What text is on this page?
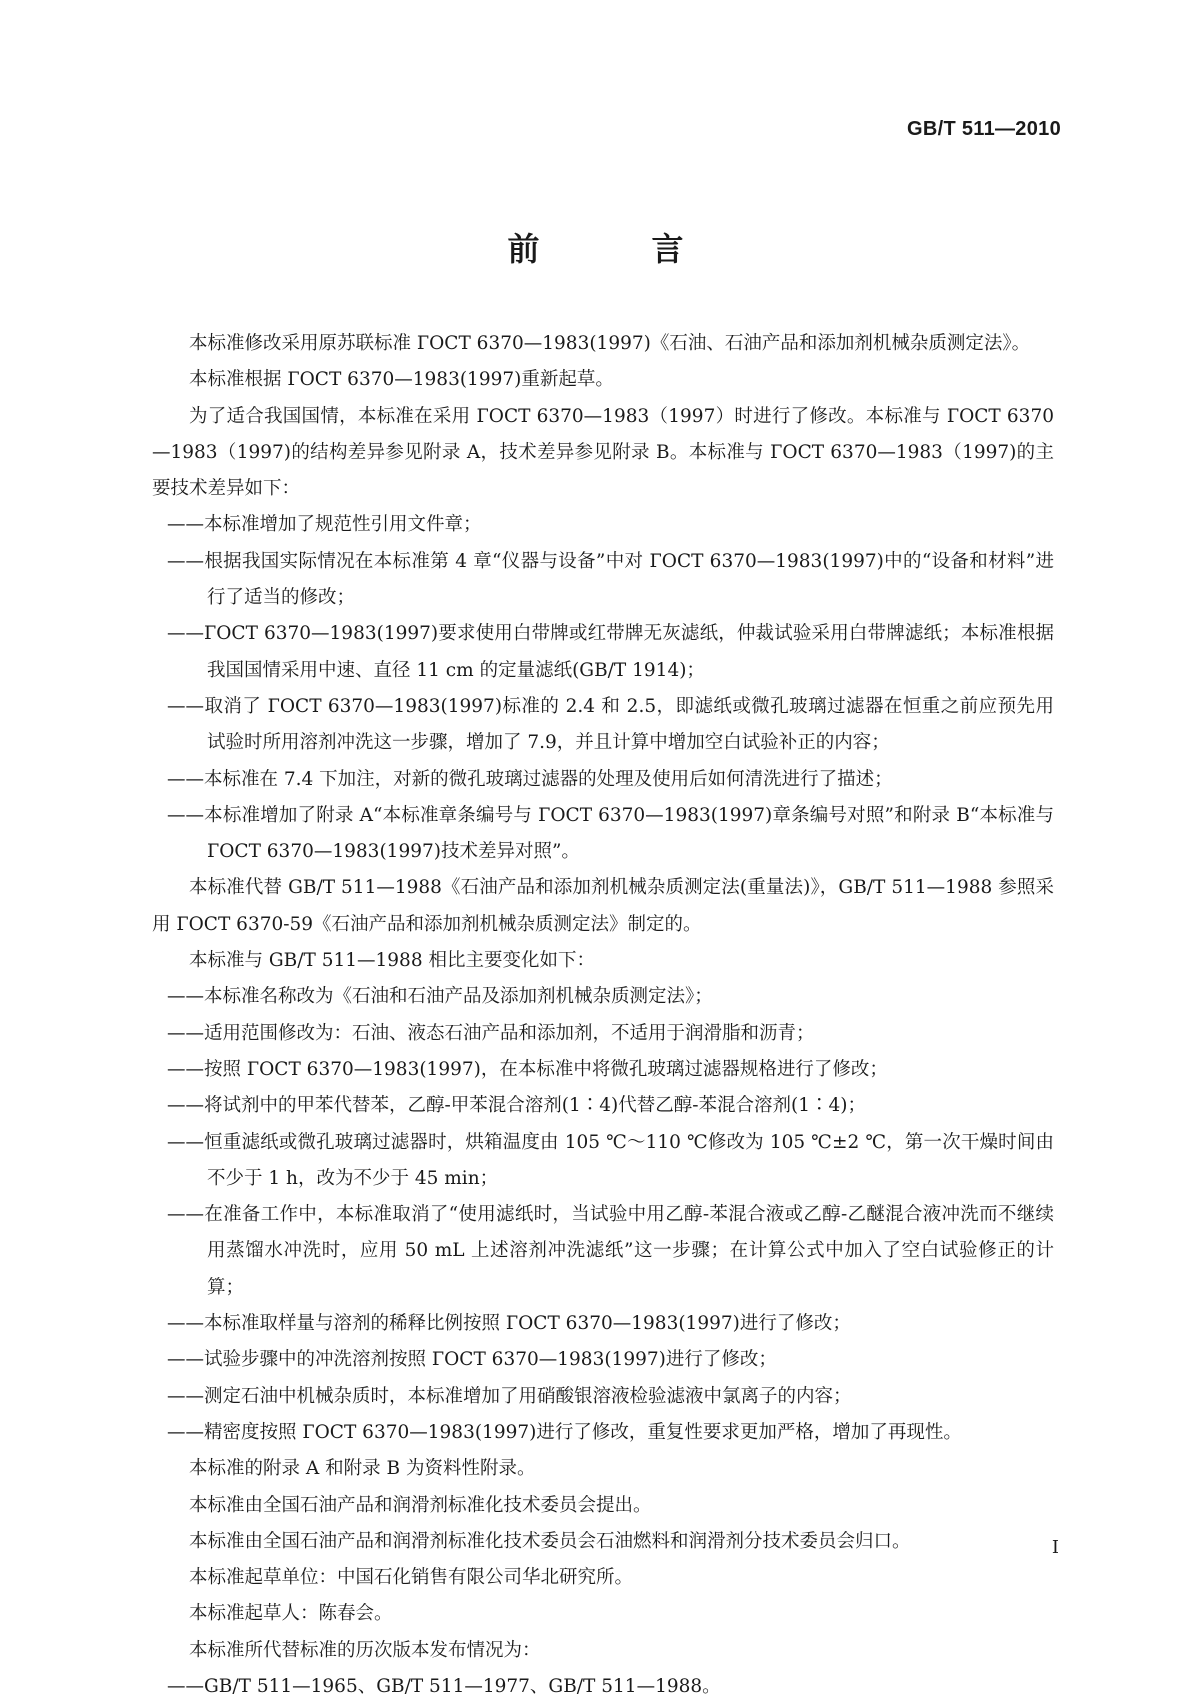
GB/T 511—2010
前　言

本标准修改采用原苏联标准 ГОСТ 6370—1983(1997)《石油、石油产品和添加剂机械杂质测定法》。

本标准根据 ГОСТ 6370—1983(1997)重新起草。

为了适合我国国情，本标准在采用 ГОСТ 6370—1983（1997）时进行了修改。本标准与 ГОСТ 6370—1983（1997)的结构差异参见附录 A，技术差异参见附录 B。本标准与 ГОСТ 6370—1983（1997)的主要技术差异如下：

——本标准增加了规范性引用文件章；

——根据我国实际情况在本标准第 4 章“仪器与设备”中对 ГОСТ 6370—1983(1997)中的“设备和材料”进行了适当的修改；

——ГОСТ 6370—1983(1997)要求使用白带牌或红带牌无灰滤纸，仲裁试验采用白带牌滤纸；本标准根据我国国情采用中速、直径 11 cm 的定量滤纸(GB/T 1914)；

——取消了 ГОСТ 6370—1983(1997)标准的 2.4 和 2.5，即滤纸或微孔玻璃过滤器在恒重之前应预先用试验时所用溶剂冲洗这一步骤，增加了 7.9，并且计算中增加空白试验补正的内容；

——本标准在 7.4 下加注，对新的微孔玻璃过滤器的处理及使用后如何清洗进行了描述；

——本标准增加了附录 A“本标准章条编号与 ГОСТ 6370—1983(1997)章条编号对照”和附录 B“本标准与 ГОСТ 6370—1983(1997)技术差异对照”。

本标准代替 GB/T 511—1988《石油产品和添加剂机械杂质测定法(重量法)》，GB/T 511—1988 参照采用 ГОСТ 6370-59《石油产品和添加剂机械杂质测定法》制定的。

本标准与 GB/T 511—1988 相比主要变化如下：

——本标准名称改为《石油和石油产品及添加剂机械杂质测定法》；

——适用范围修改为：石油、液态石油产品和添加剂，不适用于润滑脂和沥青；

——按照 ГОСТ 6370—1983(1997)，在本标准中将微孔玻璃过滤器规格进行了修改；

——将试剂中的甲苯代替苯，乙醇-甲苯混合溶剂(1∶4)代替乙醇-苯混合溶剂(1∶4)；

——恒重滤纸或微孔玻璃过滤器时，烘箱温度由 105 ℃～110 ℃修改为 105 ℃±2 ℃，第一次干燥时间由不少于 1 h，改为不少于 45 min；

——在准备工作中，本标准取消了“使用滤纸时，当试验中用乙醇-苯混合液或乙醇-乙醚混合液冲洗而不继续用蒸馏水冲洗时，应用 50 mL 上述溶剂冲洗滤纸”这一步骤；在计算公式中加入了空白试验修正的计算；

——本标准取样量与溶剂的稀释比例按照 ГОСТ 6370—1983(1997)进行了修改；

——试验步骤中的冲洗溶剂按照 ГОСТ 6370—1983(1997)进行了修改；

——测定石油中机械杂质时，本标准增加了用硝酸银溶液检验滤液中氯离子的内容；

——精密度按照 ГОСТ 6370—1983(1997)进行了修改，重复性要求更加严格，增加了再现性。

本标准的附录 A 和附录 B 为资料性附录。

本标准由全国石油产品和润滑剂标准化技术委员会提出。

本标准由全国石油产品和润滑剂标准化技术委员会石油燃料和润滑剂分技术委员会归口。

本标准起草单位：中国石化销售有限公司华北研究所。

本标准起草人：陈春会。

本标准所代替标准的历次版本发布情况为：

——GB/T 511—1965、GB/T 511—1977、GB/T 511—1988。

I
